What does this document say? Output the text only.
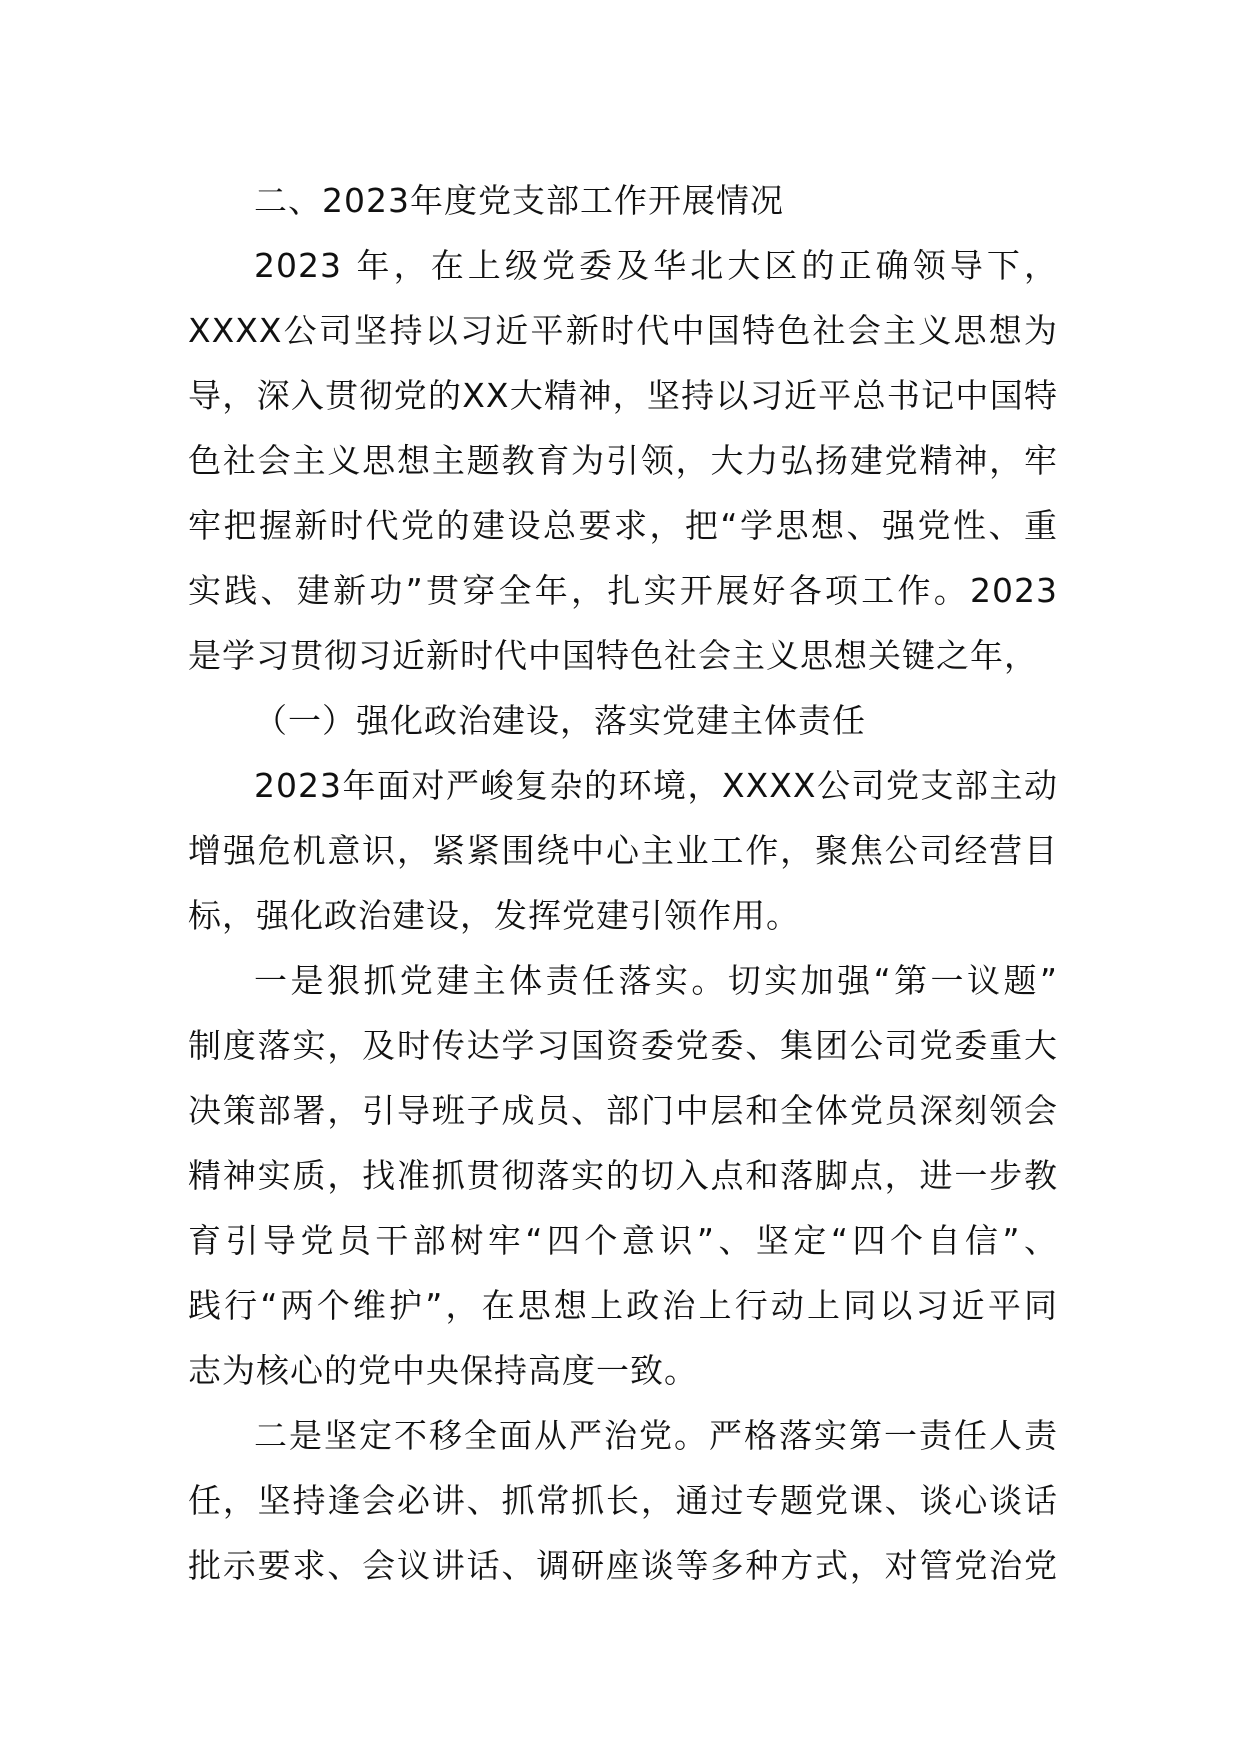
二、2023年度党支部工作开展情况
2023 年，在上级党委及华北大区的正确领导下，
XXXX公司坚持以习近平新时代中国特色社会主义思想为
导，深入贯彻党的XX大精神，坚持以习近平总书记中国特
色社会主义思想主题教育为引领，大力弘扬建党精神，牢
牢把握新时代党的建设总要求，把“学思想、强党性、重
实践、建新功”贯穿全年，扎实开展好各项工作。2023
是学习贯彻习近新时代中国特色社会主义思想关键之年，
（一）强化政治建设，落实党建主体责任
2023年面对严峻复杂的环境，XXXX公司党支部主动
增强危机意识，紧紧围绕中心主业工作，聚焦公司经营目
标，强化政治建设，发挥党建引领作用。
一是狠抓党建主体责任落实。切实加强“第一议题”
制度落实，及时传达学习国资委党委、集团公司党委重大
决策部署，引导班子成员、部门中层和全体党员深刻领会
精神实质，找准抓贯彻落实的切入点和落脚点，进一步教
育引导党员干部树牢“四个意识”、坚定“四个自信”、
践行“两个维护”，在思想上政治上行动上同以习近平同
志为核心的党中央保持高度一致。
二是坚定不移全面从严治党。严格落实第一责任人责
任，坚持逢会必讲、抓常抓长，通过专题党课、谈心谈话
批示要求、会议讲话、调研座谈等多种方式，对管党治党
